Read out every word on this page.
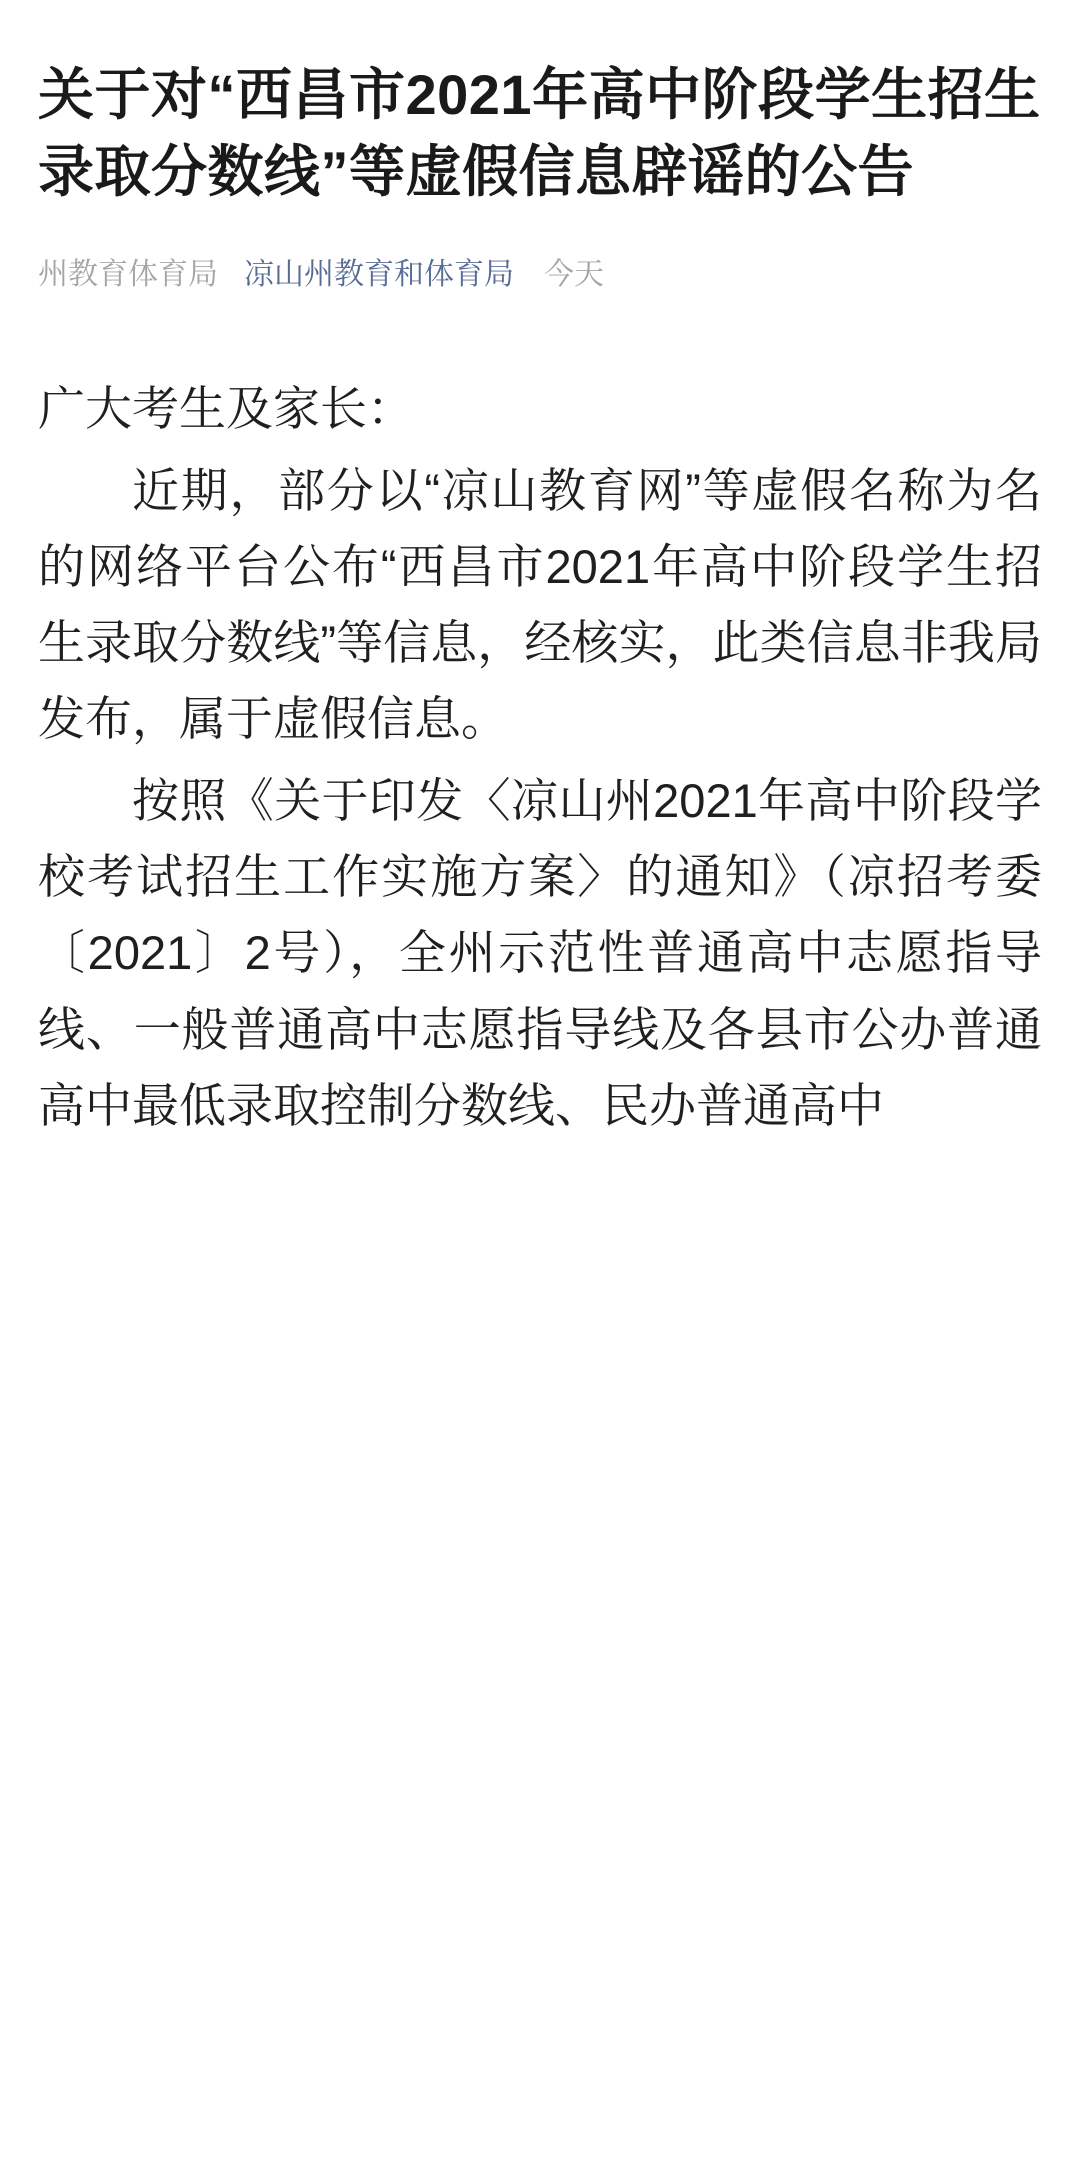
关于对“西昌市2021年高中阶段学生招生录取分数线”等虚假信息辟谣的公告
州教育体育局 凉山州教育和体育局 今天

广大考生及家长：

近期，部分以“凉山教育网”等虚假名称为名的网络平台公布“西昌市2021年高中阶段学生招生录取分数线”等信息，经核实，此类信息非我局发布，属于虚假信息。

按照《关于印发〈凉山州2021年高中阶段学校考试招生工作实施方案〉的通知》（凉招考委〔2021〕2号），全州示范性普通高中志愿指导线、一般普通高中志愿指导线及各县市公办普通高中最低录取控制分数线、民办普通高中
